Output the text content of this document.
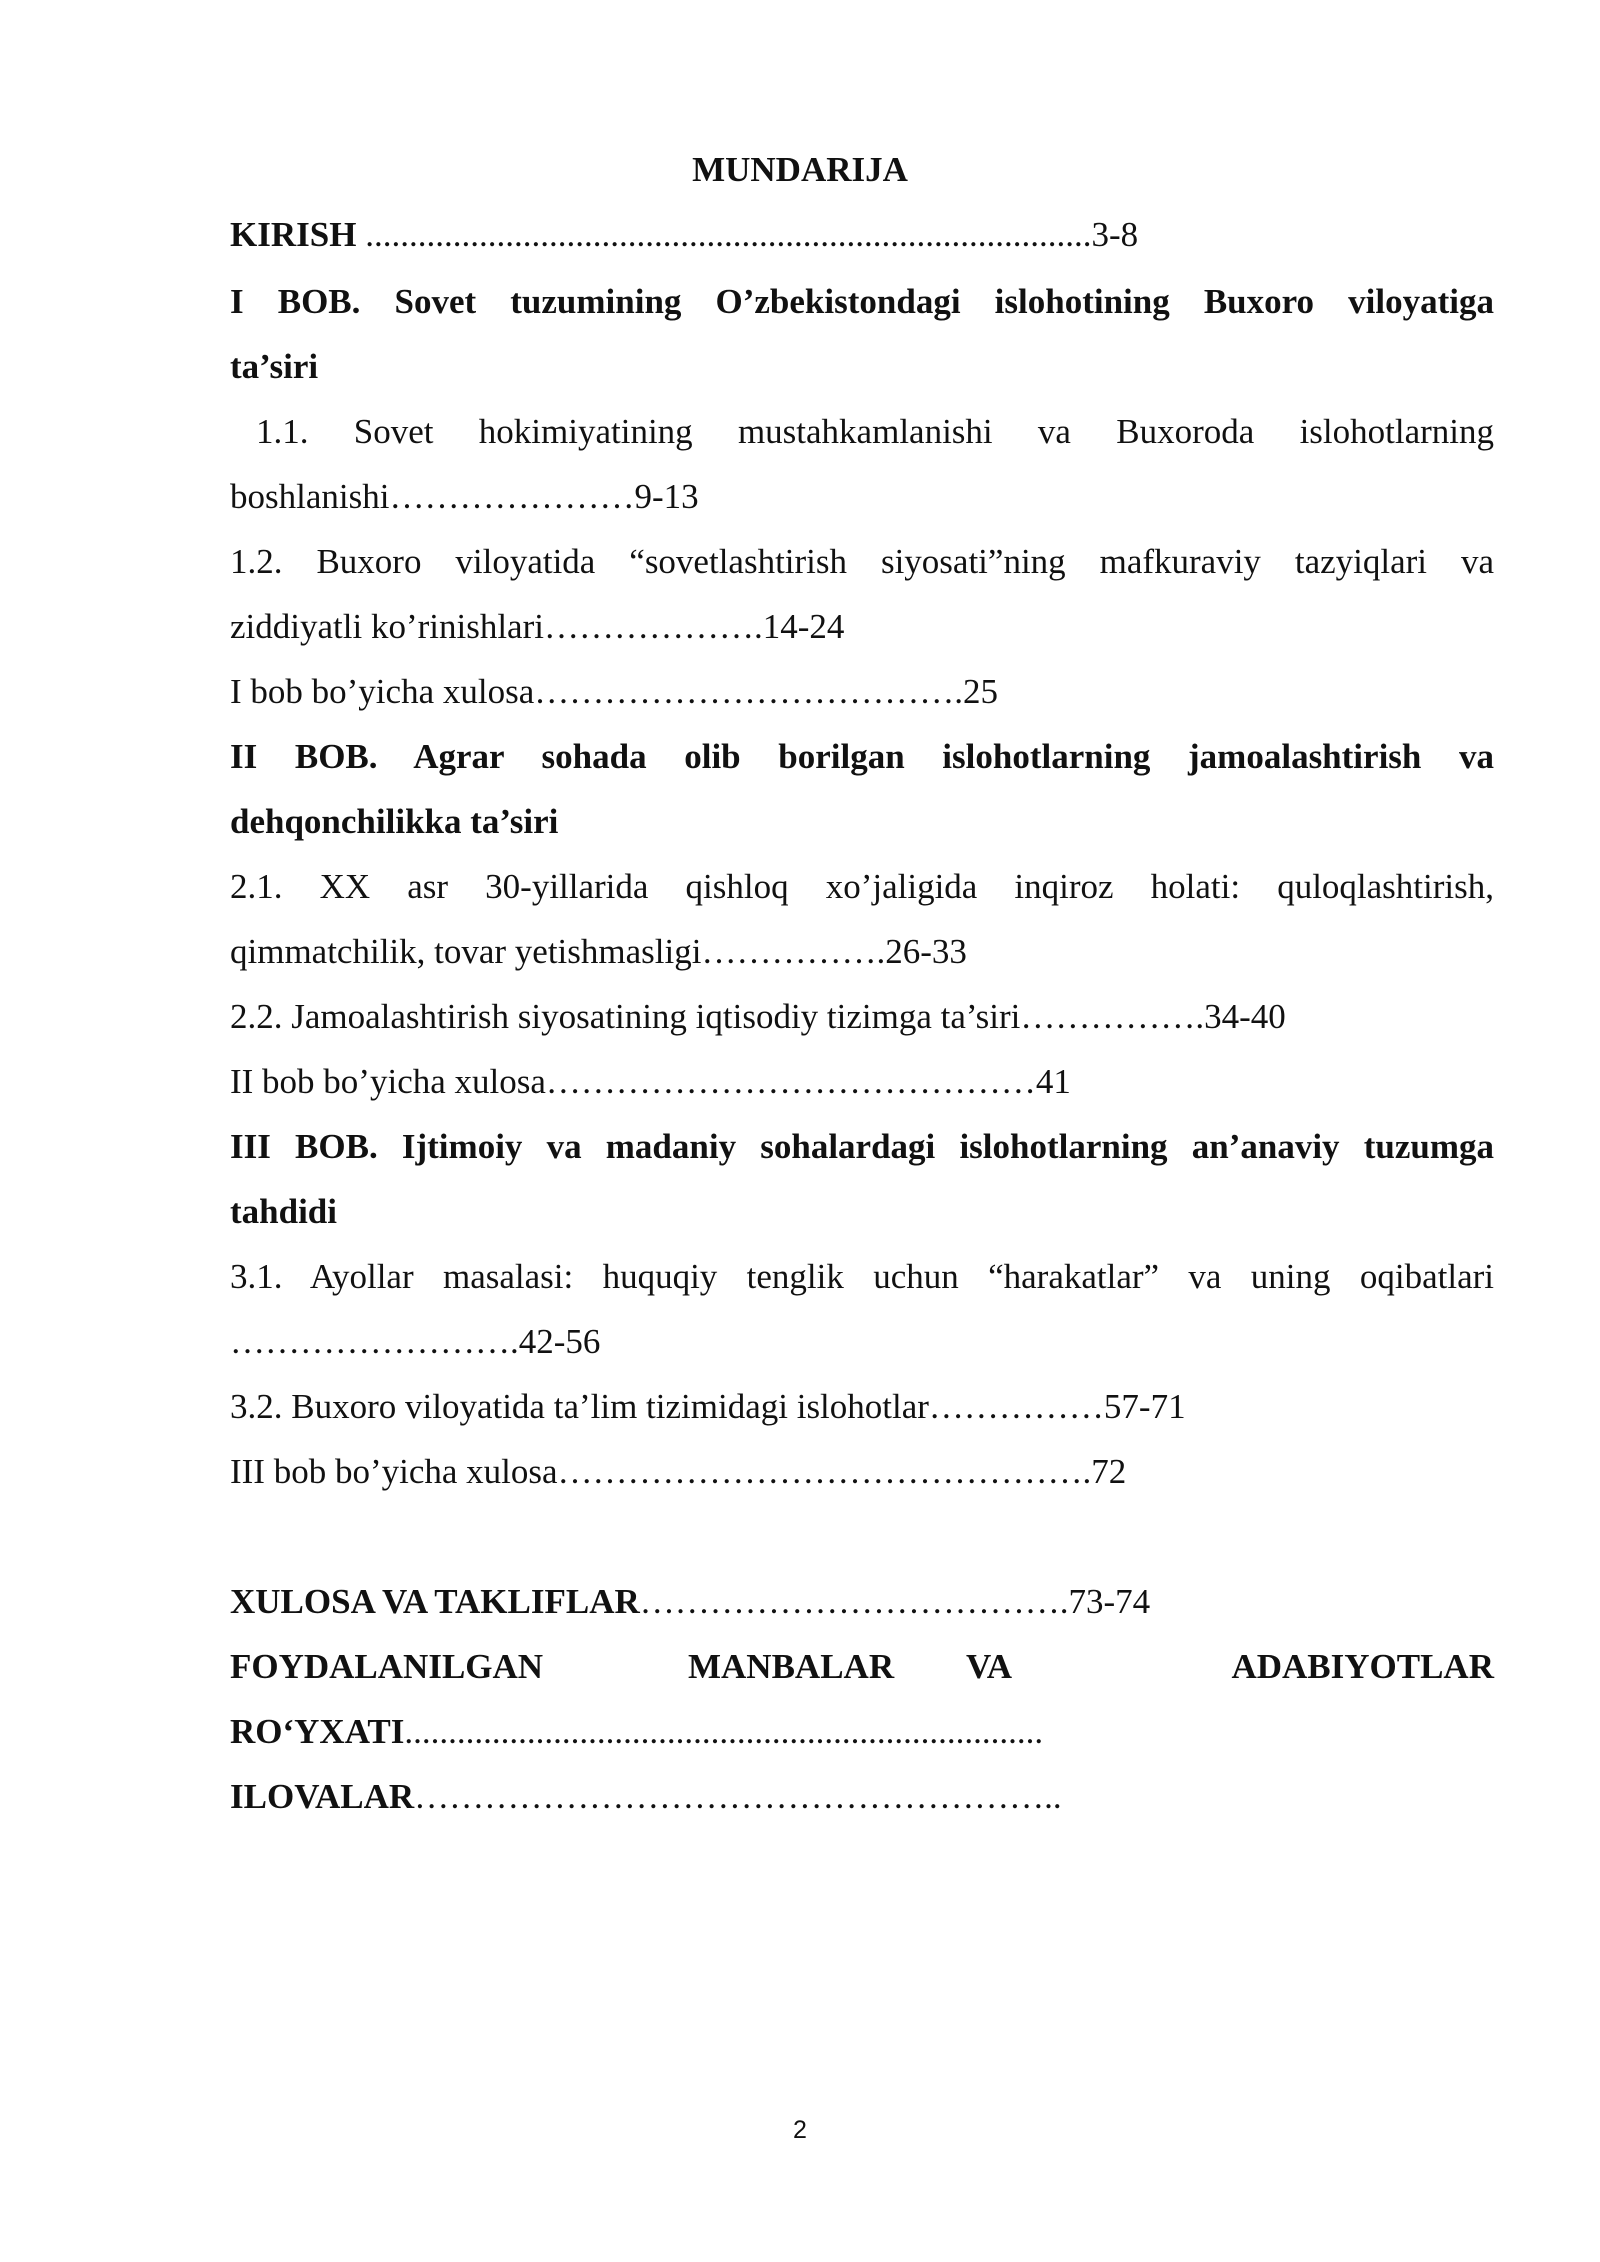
MUNDARIJA
KIRISH ...................................................................................3-8
I BOB. Sovet tuzumining O’zbekistondagi islohotining Buxoro viloyatiga
ta’siri
1.1. Sovet hokimiyatining mustahkamlanishi va Buxoroda islohotlarning
boshlanishi…………………9-13
1.2. Buxoro viloyatida “sovetlashtirish siyosati”ning mafkuraviy tazyiqlari va
ziddiyatli ko’rinishlari……………….14-24
I bob bo’yicha xulosa……………………………….25
II BOB. Agrar sohada olib borilgan islohotlarning jamoalashtirish va
dehqonchilikka ta’siri
2.1. XX asr 30-yillarida qishloq xo’jaligida inqiroz holati: quloqlashtirish,
qimmatchilik, tovar yetishmasligi…………….26-33
2.2. Jamoalashtirish siyosatining iqtisodiy tizimga ta’siri…………….34-40
II bob bo’yicha xulosa……………………………………41
III BOB. Ijtimoiy va madaniy sohalardagi islohotlarning an’anaviy tuzumga
tahdidi
3.1. Ayollar masalasi: huquqiy tenglik uchun “harakatlar” va uning oqibatlari
…………………….42-56
3.2. Buxoro viloyatida ta’lim tizimidagi islohotlar……………57-71
III bob bo’yicha xulosa……………………………………….72
XULOSA VA TAKLIFLAR……………………………….73-74
FOYDALANILGAN	MANBALAR VA	ADABIYOTLAR
RO‘YXATI.........................................................................
ILOVALAR………………………………………………..
2
